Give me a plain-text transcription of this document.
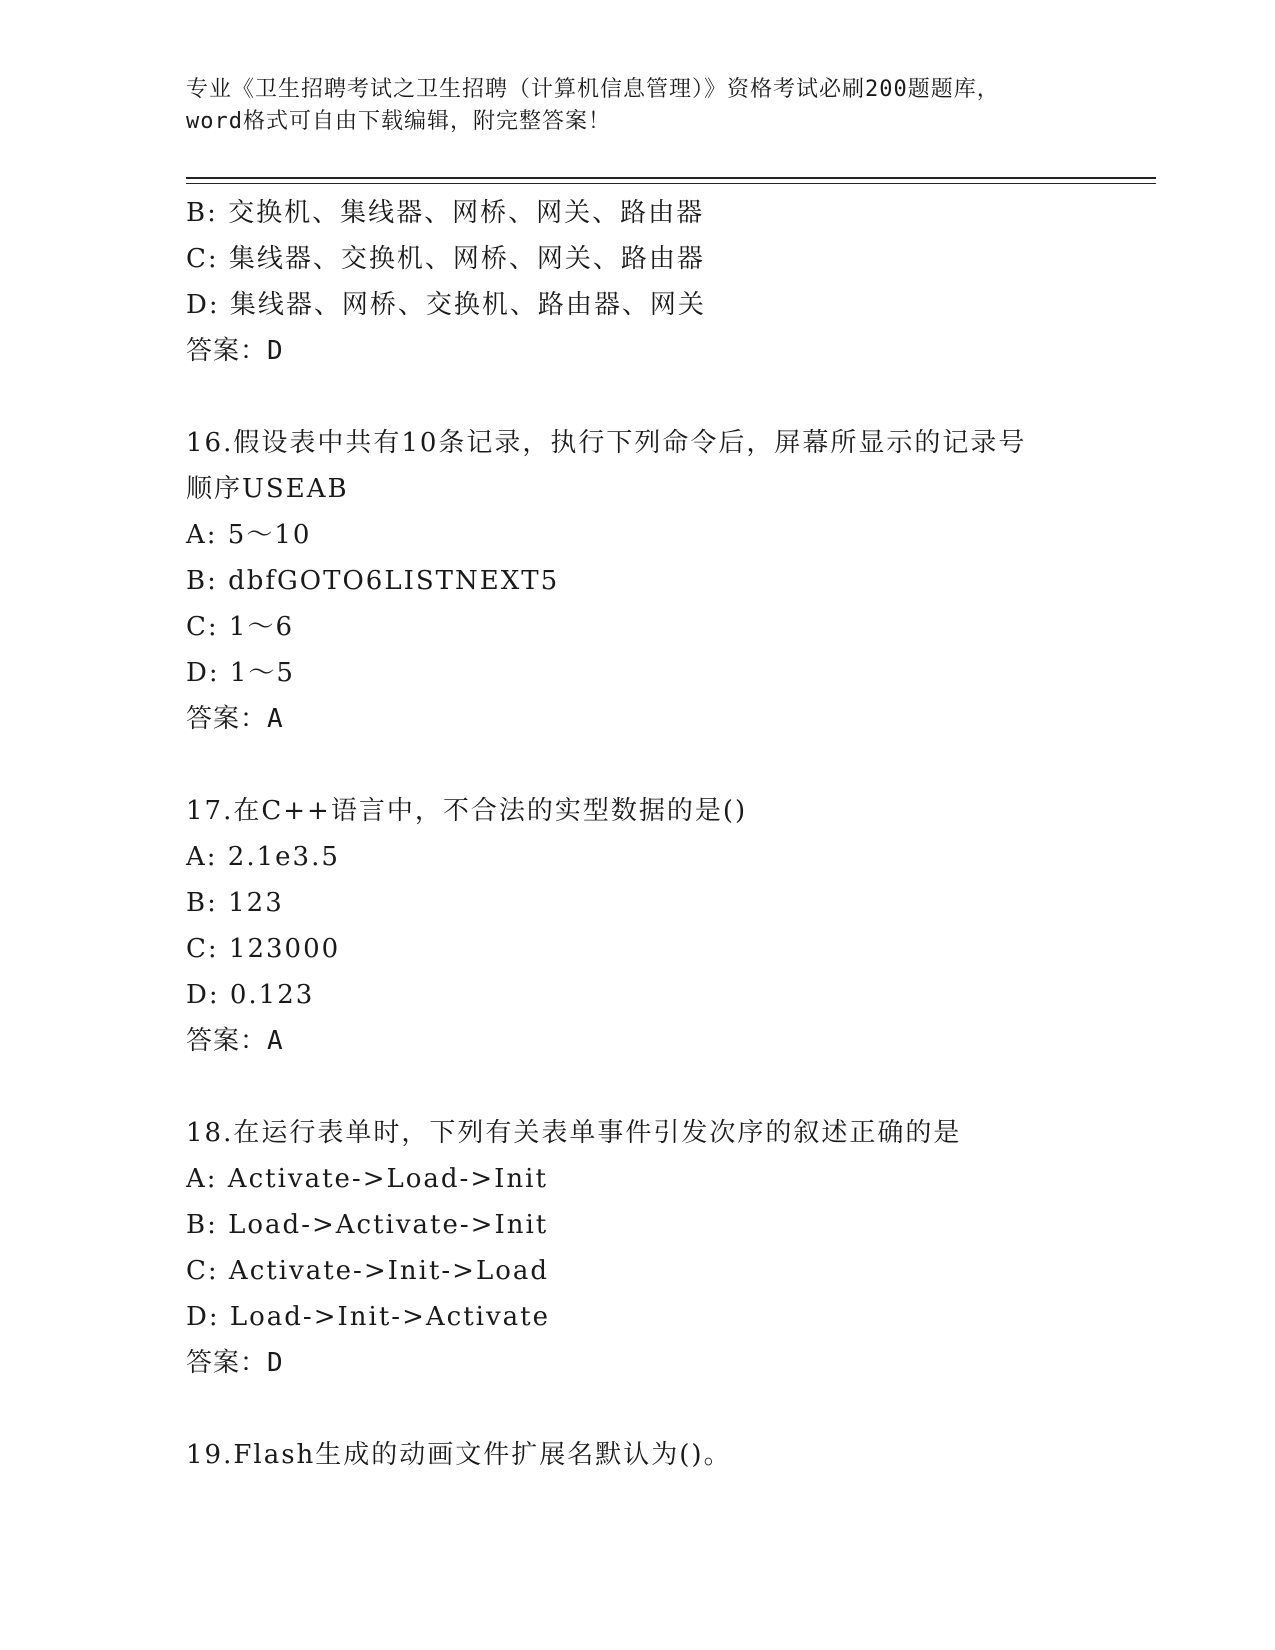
专业《卫生招聘考试之卫生招聘（计算机信息管理）》资格考试必刷200题题库，
word格式可自由下载编辑，附完整答案！
B: 交换机、集线器、网桥、网关、路由器
C: 集线器、交换机、网桥、网关、路由器
D: 集线器、网桥、交换机、路由器、网关
答案：D
16.假设表中共有10条记录，执行下列命令后，屏幕所显示的记录号
顺序USEAB
A: 5～10
B: dbfGOTO6LISTNEXT5
C: 1～6
D: 1～5
答案：A
17.在C++语言中，不合法的实型数据的是()
A: 2.1e3.5
B: 123
C: 123000
D: 0.123
答案：A
18.在运行表单时，下列有关表单事件引发次序的叙述正确的是
A: Activate->Load->Init
B: Load->Activate->Init
C: Activate->Init->Load
D: Load->Init->Activate
答案：D
19.Flash生成的动画文件扩展名默认为()。
